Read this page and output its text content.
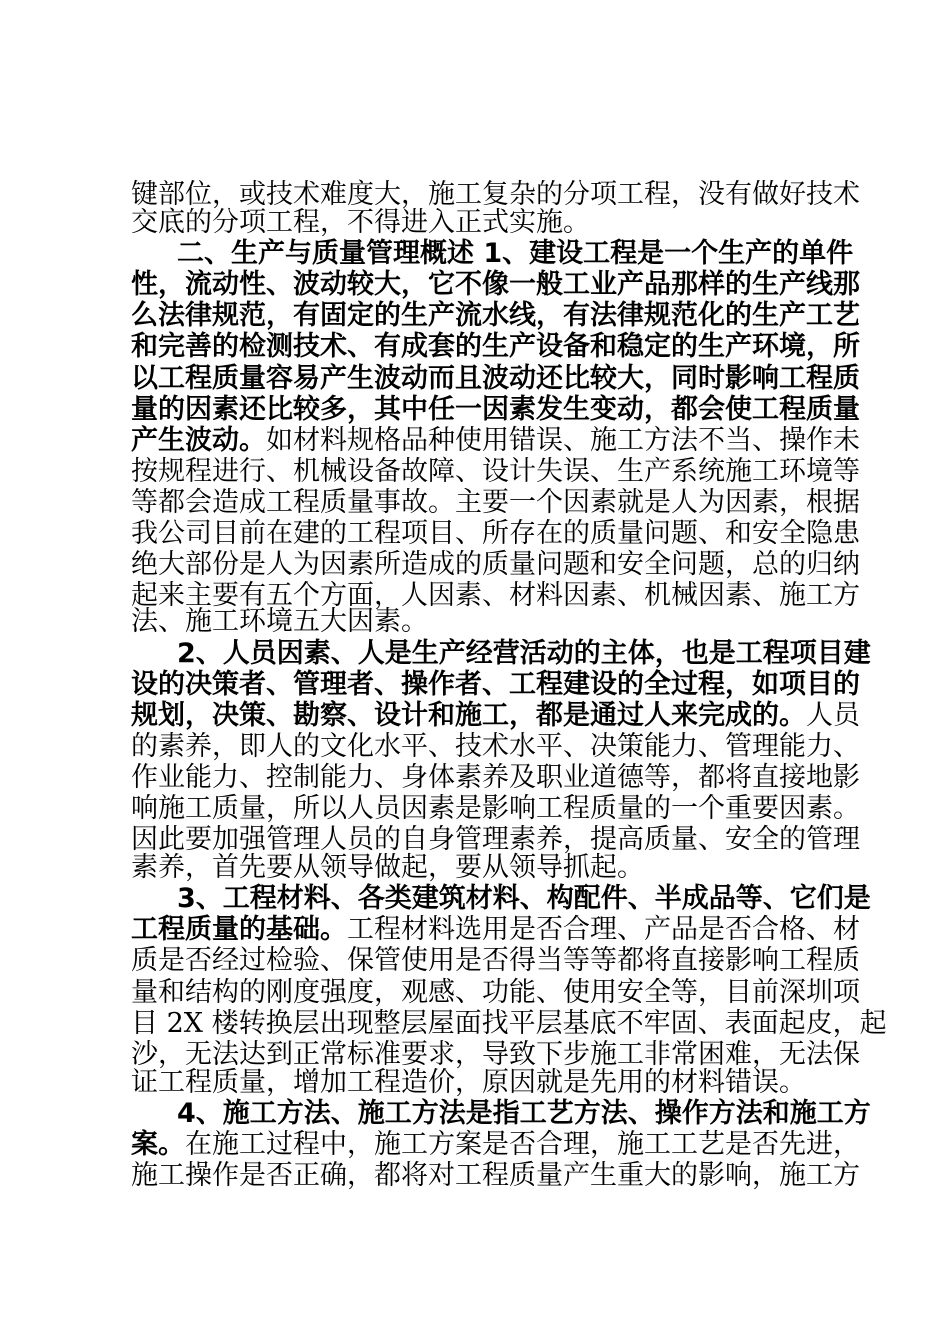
键部位，或技术难度大，施工复杂的分项工程，没有做好技术
交底的分项工程，不得进入正式实施。
二、生产与质量管理概述 1、建设工程是一个生产的单件
性，流动性、波动较大，它不像一般工业产品那样的生产线那
么法律规范，有固定的生产流水线，有法律规范化的生产工艺
和完善的检测技术、有成套的生产设备和稳定的生产环境，所
以工程质量容易产生波动而且波动还比较大，同时影响工程质
量的因素还比较多，其中任一因素发生变动，都会使工程质量
产生波动。如材料规格品种使用错误、施工方法不当、操作未
按规程进行、机械设备故障、设计失误、生产系统施工环境等
等都会造成工程质量事故。主要一个因素就是人为因素，根据
我公司目前在建的工程项目、所存在的质量问题、和安全隐患
绝大部份是人为因素所造成的质量问题和安全问题，总的归纳
起来主要有五个方面，人因素、材料因素、机械因素、施工方
法、施工环境五大因素。
2、人员因素、人是生产经营活动的主体，也是工程项目建
设的决策者、管理者、操作者、工程建设的全过程，如项目的
规划，决策、勘察、设计和施工，都是通过人来完成的。人员
的素养，即人的文化水平、技术水平、决策能力、管理能力、
作业能力、控制能力、身体素养及职业道德等，都将直接地影
响施工质量，所以人员因素是影响工程质量的一个重要因素。
因此要加强管理人员的自身管理素养，提高质量、安全的管理
素养，首先要从领导做起，要从领导抓起。
3、工程材料、各类建筑材料、构配件、半成品等、它们是
工程质量的基础。工程材料选用是否合理、产品是否合格、材
质是否经过检验、保管使用是否得当等等都将直接影响工程质
量和结构的刚度强度，观感、功能、使用安全等，目前深圳项
目 2X 楼转换层出现整层屋面找平层基底不牢固、表面起皮，起
沙，无法达到正常标准要求，导致下步施工非常困难，无法保
证工程质量，增加工程造价，原因就是先用的材料错误。
4、施工方法、施工方法是指工艺方法、操作方法和施工方
案。在施工过程中，施工方案是否合理，施工工艺是否先进，
施工操作是否正确，都将对工程质量产生重大的影响，施工方
